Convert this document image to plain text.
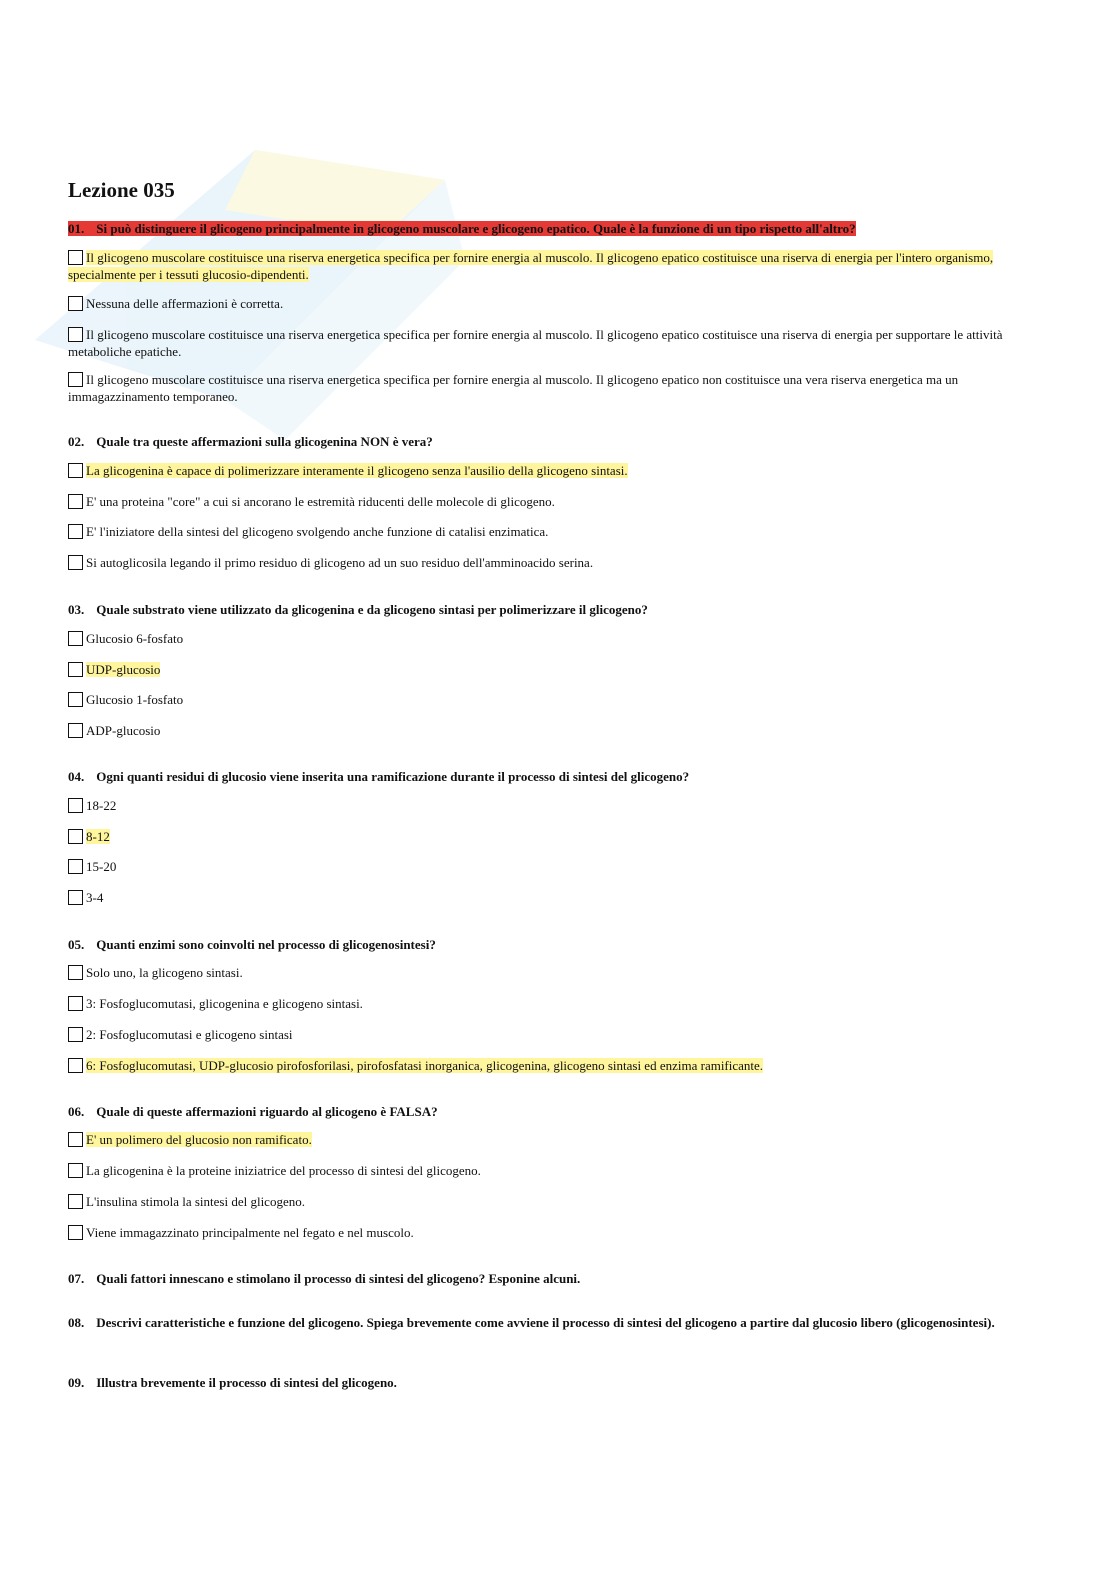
Lezione 035
01. Si può distinguere il glicogeno principalmente in glicogeno muscolare e glicogeno epatico. Quale è la funzione di un tipo rispetto all'altro?
Il glicogeno muscolare costituisce una riserva energetica specifica per fornire energia al muscolo. Il glicogeno epatico costituisce una riserva di energia per l'intero organismo, specialmente per i tessuti glucosio-dipendenti.
Nessuna delle affermazioni è corretta.
Il glicogeno muscolare costituisce una riserva energetica specifica per fornire energia al muscolo. Il glicogeno epatico costituisce una riserva di energia per supportare le attività metaboliche epatiche.
Il glicogeno muscolare costituisce una riserva energetica specifica per fornire energia al muscolo. Il glicogeno epatico non costituisce una vera riserva energetica ma un immagazzinamento temporaneo.
02. Quale tra queste affermazioni sulla glicogenina NON è vera?
La glicogenina è capace di polimerizzare interamente il glicogeno senza l'ausilio della glicogeno sintasi.
E' una proteina "core" a cui si ancorano le estremità riducenti delle molecole di glicogeno.
E' l'iniziatore della sintesi del glicogeno svolgendo anche funzione di catalisi enzimatica.
Si autoglicosila legando il primo residuo di glicogeno ad un suo residuo dell'amminoacido serina.
03. Quale substrato viene utilizzato da glicogenina e da glicogeno sintasi per polimerizzare il glicogeno?
Glucosio 6-fosfato
UDP-glucosio
Glucosio 1-fosfato
ADP-glucosio
04. Ogni quanti residui di glucosio viene inserita una ramificazione durante il processo di sintesi del glicogeno?
18-22
8-12
15-20
3-4
05. Quanti enzimi sono coinvolti nel processo di glicogenosintesi?
Solo uno, la glicogeno sintasi.
3: Fosfoglucomutasi, glicogenina e glicogeno sintasi.
2: Fosfoglucomutasi e glicogeno sintasi
6: Fosfoglucomutasi, UDP-glucosio pirofosforilasi, pirofosfatasi inorganica, glicogenina, glicogeno sintasi ed enzima ramificante.
06. Quale di queste affermazioni riguardo al glicogeno è FALSA?
E' un polimero del glucosio non ramificato.
La glicogenina è la proteine iniziatrice del processo di sintesi del glicogeno.
L'insulina stimola la sintesi del glicogeno.
Viene immagazzinato principalmente nel fegato e nel muscolo.
07. Quali fattori innescano e stimolano il processo di sintesi del glicogeno? Esponine alcuni.
08. Descrivi caratteristiche e funzione del glicogeno. Spiega brevemente come avviene il processo di sintesi del glicogeno a partire dal glucosio libero (glicogenosintesi).
09. Illustra brevemente il processo di sintesi del glicogeno.
